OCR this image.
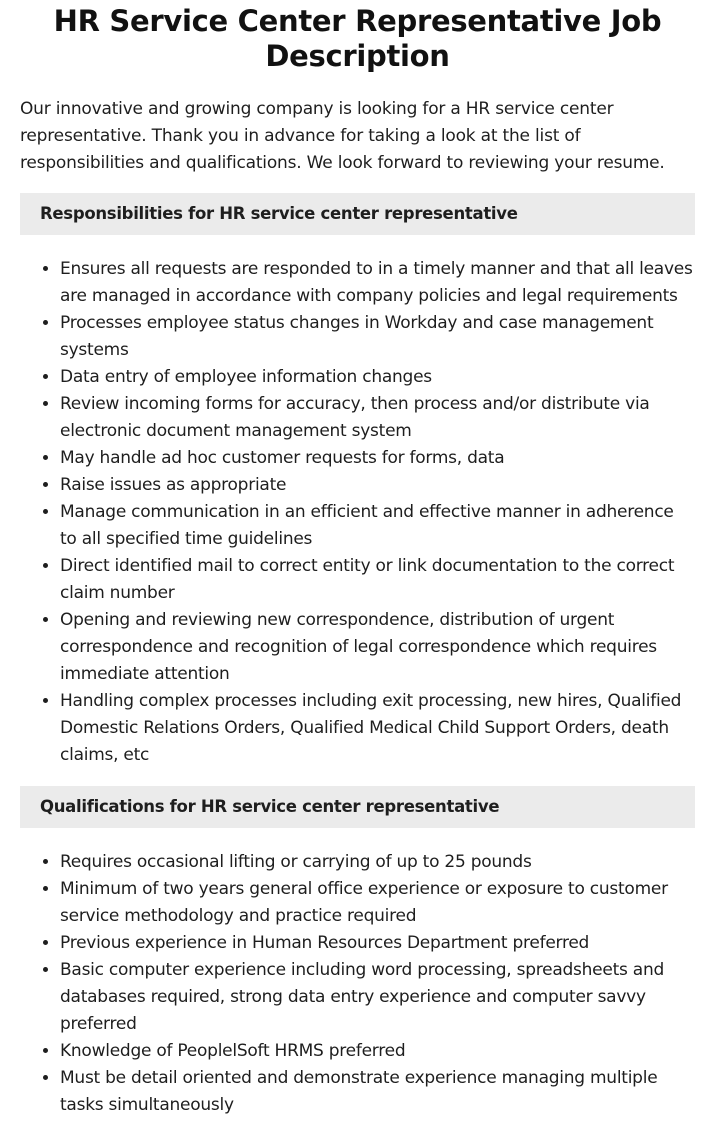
HR Service Center Representative Job Description

Our innovative and growing company is looking for a HR service center representative. Thank you in advance for taking a look at the list of responsibilities and qualifications. We look forward to reviewing your resume.

Responsibilities for HR service center representative
• Ensures all requests are responded to in a timely manner and that all leaves are managed in accordance with company policies and legal requirements
• Processes employee status changes in Workday and case management systems
• Data entry of employee information changes
• Review incoming forms for accuracy, then process and/or distribute via electronic document management system
• May handle ad hoc customer requests for forms, data
• Raise issues as appropriate
• Manage communication in an efficient and effective manner in adherence to all specified time guidelines
• Direct identified mail to correct entity or link documentation to the correct claim number
• Opening and reviewing new correspondence, distribution of urgent correspondence and recognition of legal correspondence which requires immediate attention
• Handling complex processes including exit processing, new hires, Qualified Domestic Relations Orders, Qualified Medical Child Support Orders, death claims, etc
Qualifications for HR service center representative
• Requires occasional lifting or carrying of up to 25 pounds
• Minimum of two years general office experience or exposure to customer service methodology and practice required
• Previous experience in Human Resources Department preferred
• Basic computer experience including word processing, spreadsheets and databases required, strong data entry experience and computer savvy preferred
• Knowledge of PeoplelSoft HRMS preferred
• Must be detail oriented and demonstrate experience managing multiple tasks simultaneously
